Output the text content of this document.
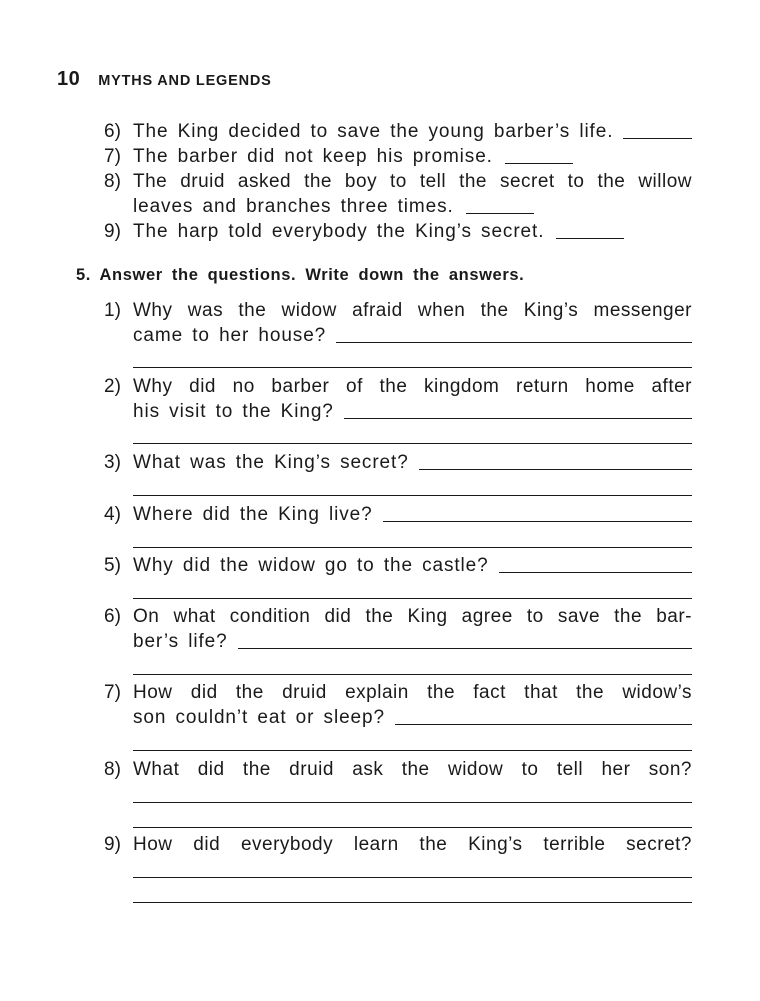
10 MYTHS AND LEGENDS
6) The King decided to save the young barber’s life.
7) The barber did not keep his promise.
8) The druid asked the boy to tell the secret to the willow
leaves and branches three times.
9) The harp told everybody the King’s secret.
5. Answer the questions. Write down the answers.
1) Why was the widow afraid when the King’s messenger
came to her house?
2) Why did no barber of the kingdom return home after
his visit to the King?
3) What was the King’s secret?
4) Where did the King live?
5) Why did the widow go to the castle?
6) On what condition did the King agree to save the bar-
ber’s life?
7) How did the druid explain the fact that the widow’s
son couldn’t eat or sleep?
8) What did the druid ask the widow to tell her son?
9) How did everybody learn the King’s terrible secret?
